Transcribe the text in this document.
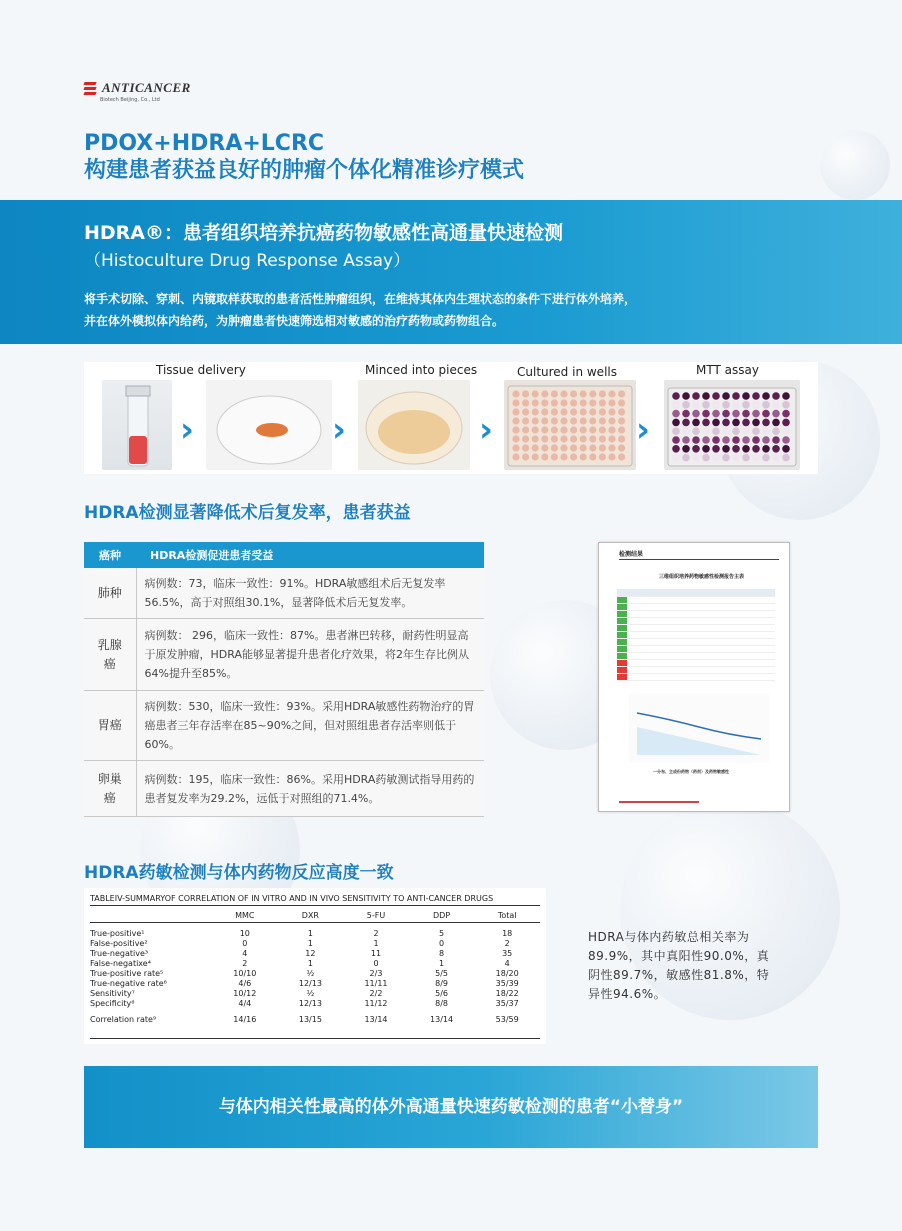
ANTICANCER
Biotech Beijing, Co., Ltd
PDOX+HDRA+LCRC
构建患者获益良好的肿瘤个体化精准诊疗模式
HDRA®：患者组织培养抗癌药物敏感性高通量快速检测
（Histoculture Drug Response Assay）
将手术切除、穿刺、内镜取样获取的患者活性肿瘤组织，在维持其体内生理状态的条件下进行体外培养，
并在体外模拟体内给药，为肿瘤患者快速筛选相对敏感的治疗药物或药物组合。
Tissue delivery
›
Minced into pieces
›
Cultured in wells
›
MTT assay
›
HDRA检测显著降低术后复发率，患者获益
癌种	HDRA检测促进患者受益
肺种	病例数：73，临床一致性：91%。HDRA敏感组术后无复发率56.5%，高于对照组30.1%，显著降低术后无复发率。
乳腺癌	病例数： 296，临床一致性：87%。患者淋巴转移，耐药性明显高于原发肿瘤，HDRA能够显著提升患者化疗效果，将2年生存比例从64%提升至85%。
胃癌	病例数：530，临床一致性：93%。采用HDRA敏感性药物治疗的胃癌患者三年存活率在85~90%之间，但对照组患者存活率则低于60%。
卵巢癌	病例数：195，临床一致性：86%。采用HDRA药敏测试指导用药的患者复发率为29.2%，远低于对照组的71.4%。
检测结果
三维组织培养药物敏感性检测报告主表
一分布、主成份药物（药剂）及药物敏感性
HDRA药敏检测与体内药物反应高度一致
TABLEIV-SUMMARYOF CORRELATION OF IN VITRO AND IN VIVO SENSITIVITY TO ANTI-CANCER DRUGS
	MMC	DXR	5-FU	DDP	Total

True-positive¹	10	1	2	5	18
False-positive²	0	1	1	0	2
True-negative³	4	12	11	8	35
False-negatixe⁴	2	1	0	1	4
True-positive rate⁵	10/10	½	2/3	5/5	18/20
True-negative rate⁶	4/6	12/13	11/11	8/9	35/39
Sensitivity⁷	10/12	½	2/2	5/6	18/22
Specificity⁸	4/4	12/13	11/12	8/8	35/37

Correlation rate⁹	14/16	13/15	13/14	13/14	53/59
HDRA与体内药敏总相关率为89.9%，其中真阳性90.0%，真阴性89.7%，敏感性81.8%，特异性94.6%。
与体内相关性最高的体外高通量快速药敏检测的患者“小替身”
